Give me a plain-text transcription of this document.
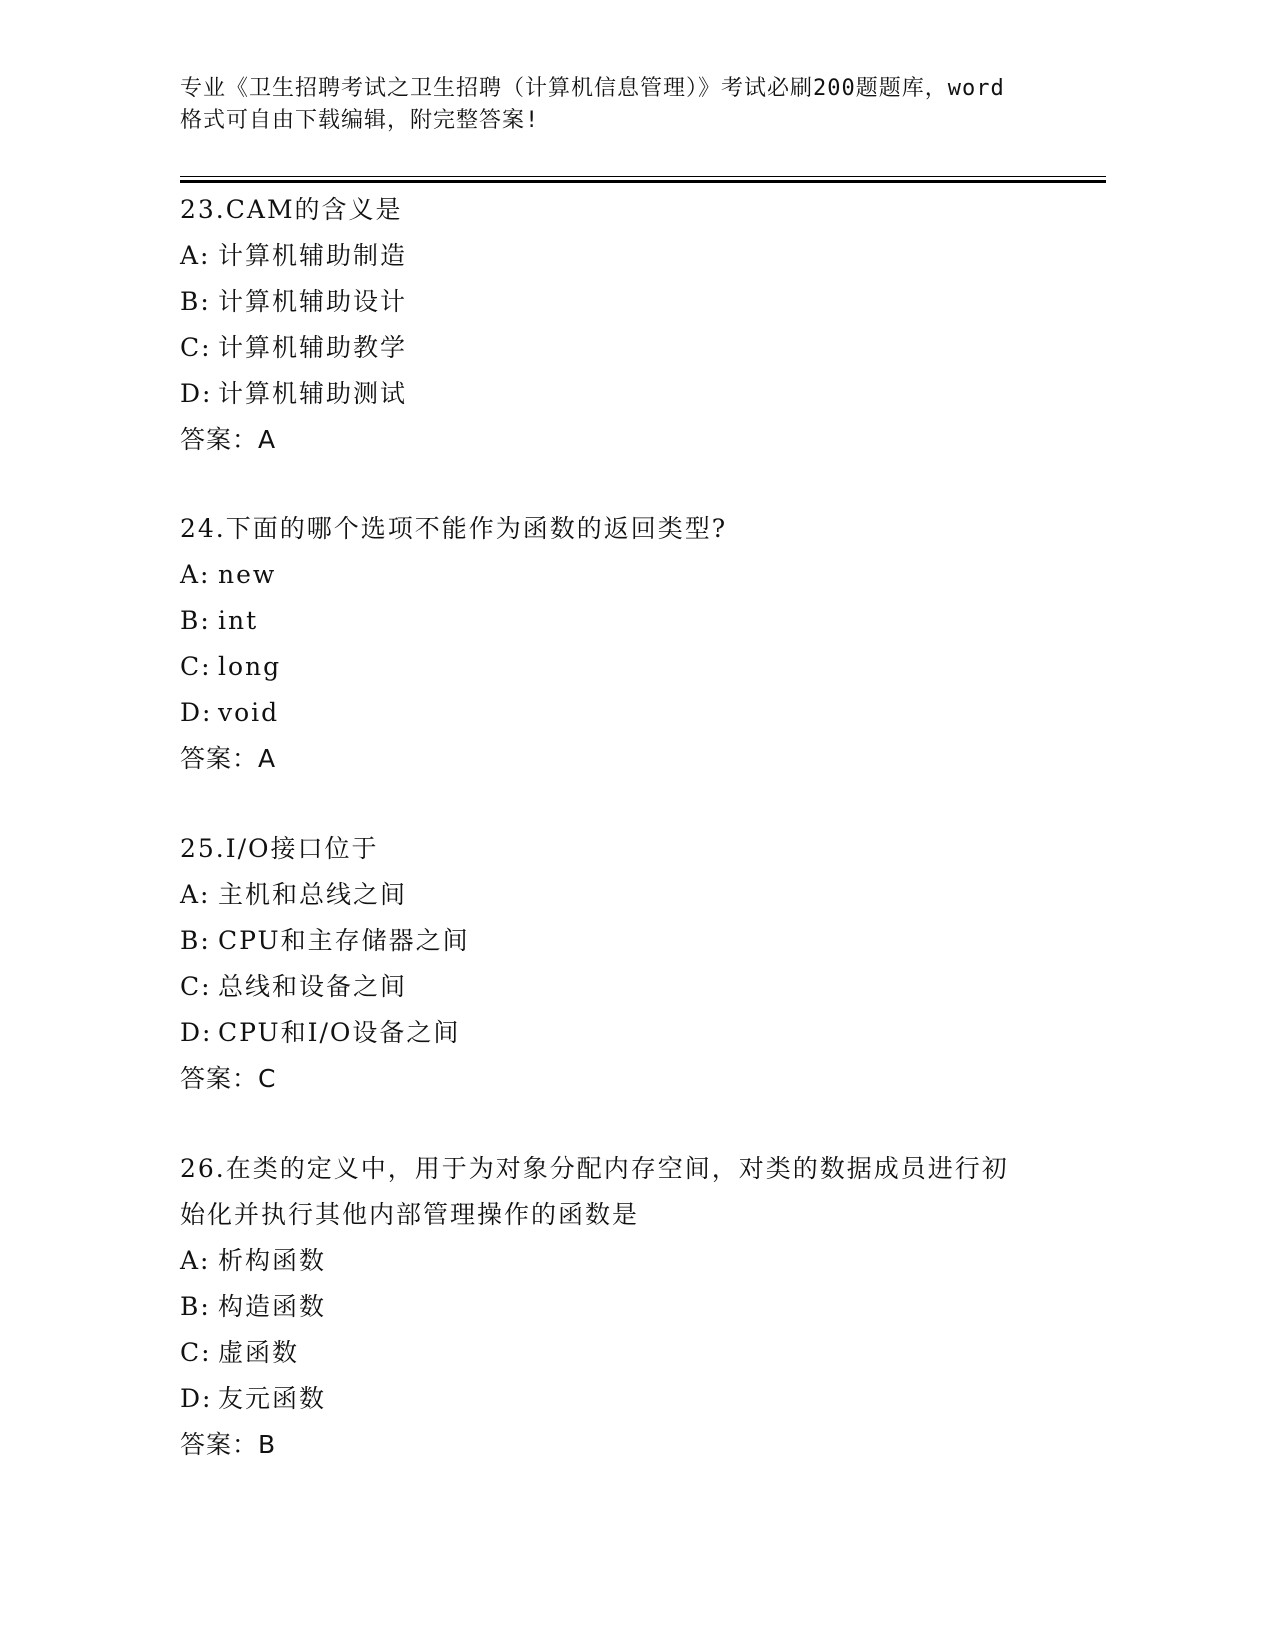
专业《卫生招聘考试之卫生招聘（计算机信息管理）》考试必刷200题题库，word
格式可自由下载编辑，附完整答案!
23.CAM的含义是
A: 计算机辅助制造
B: 计算机辅助设计
C: 计算机辅助教学
D: 计算机辅助测试
答案：A
24.下面的哪个选项不能作为函数的返回类型?
A: new
B: int
C: long
D: void
答案：A
25.I/O接口位于
A: 主机和总线之间
B: CPU和主存储器之间
C: 总线和设备之间
D: CPU和I/O设备之间
答案：C
26.在类的定义中，用于为对象分配内存空间，对类的数据成员进行初
始化并执行其他内部管理操作的函数是
A: 析构函数
B: 构造函数
C: 虚函数
D: 友元函数
答案：B
